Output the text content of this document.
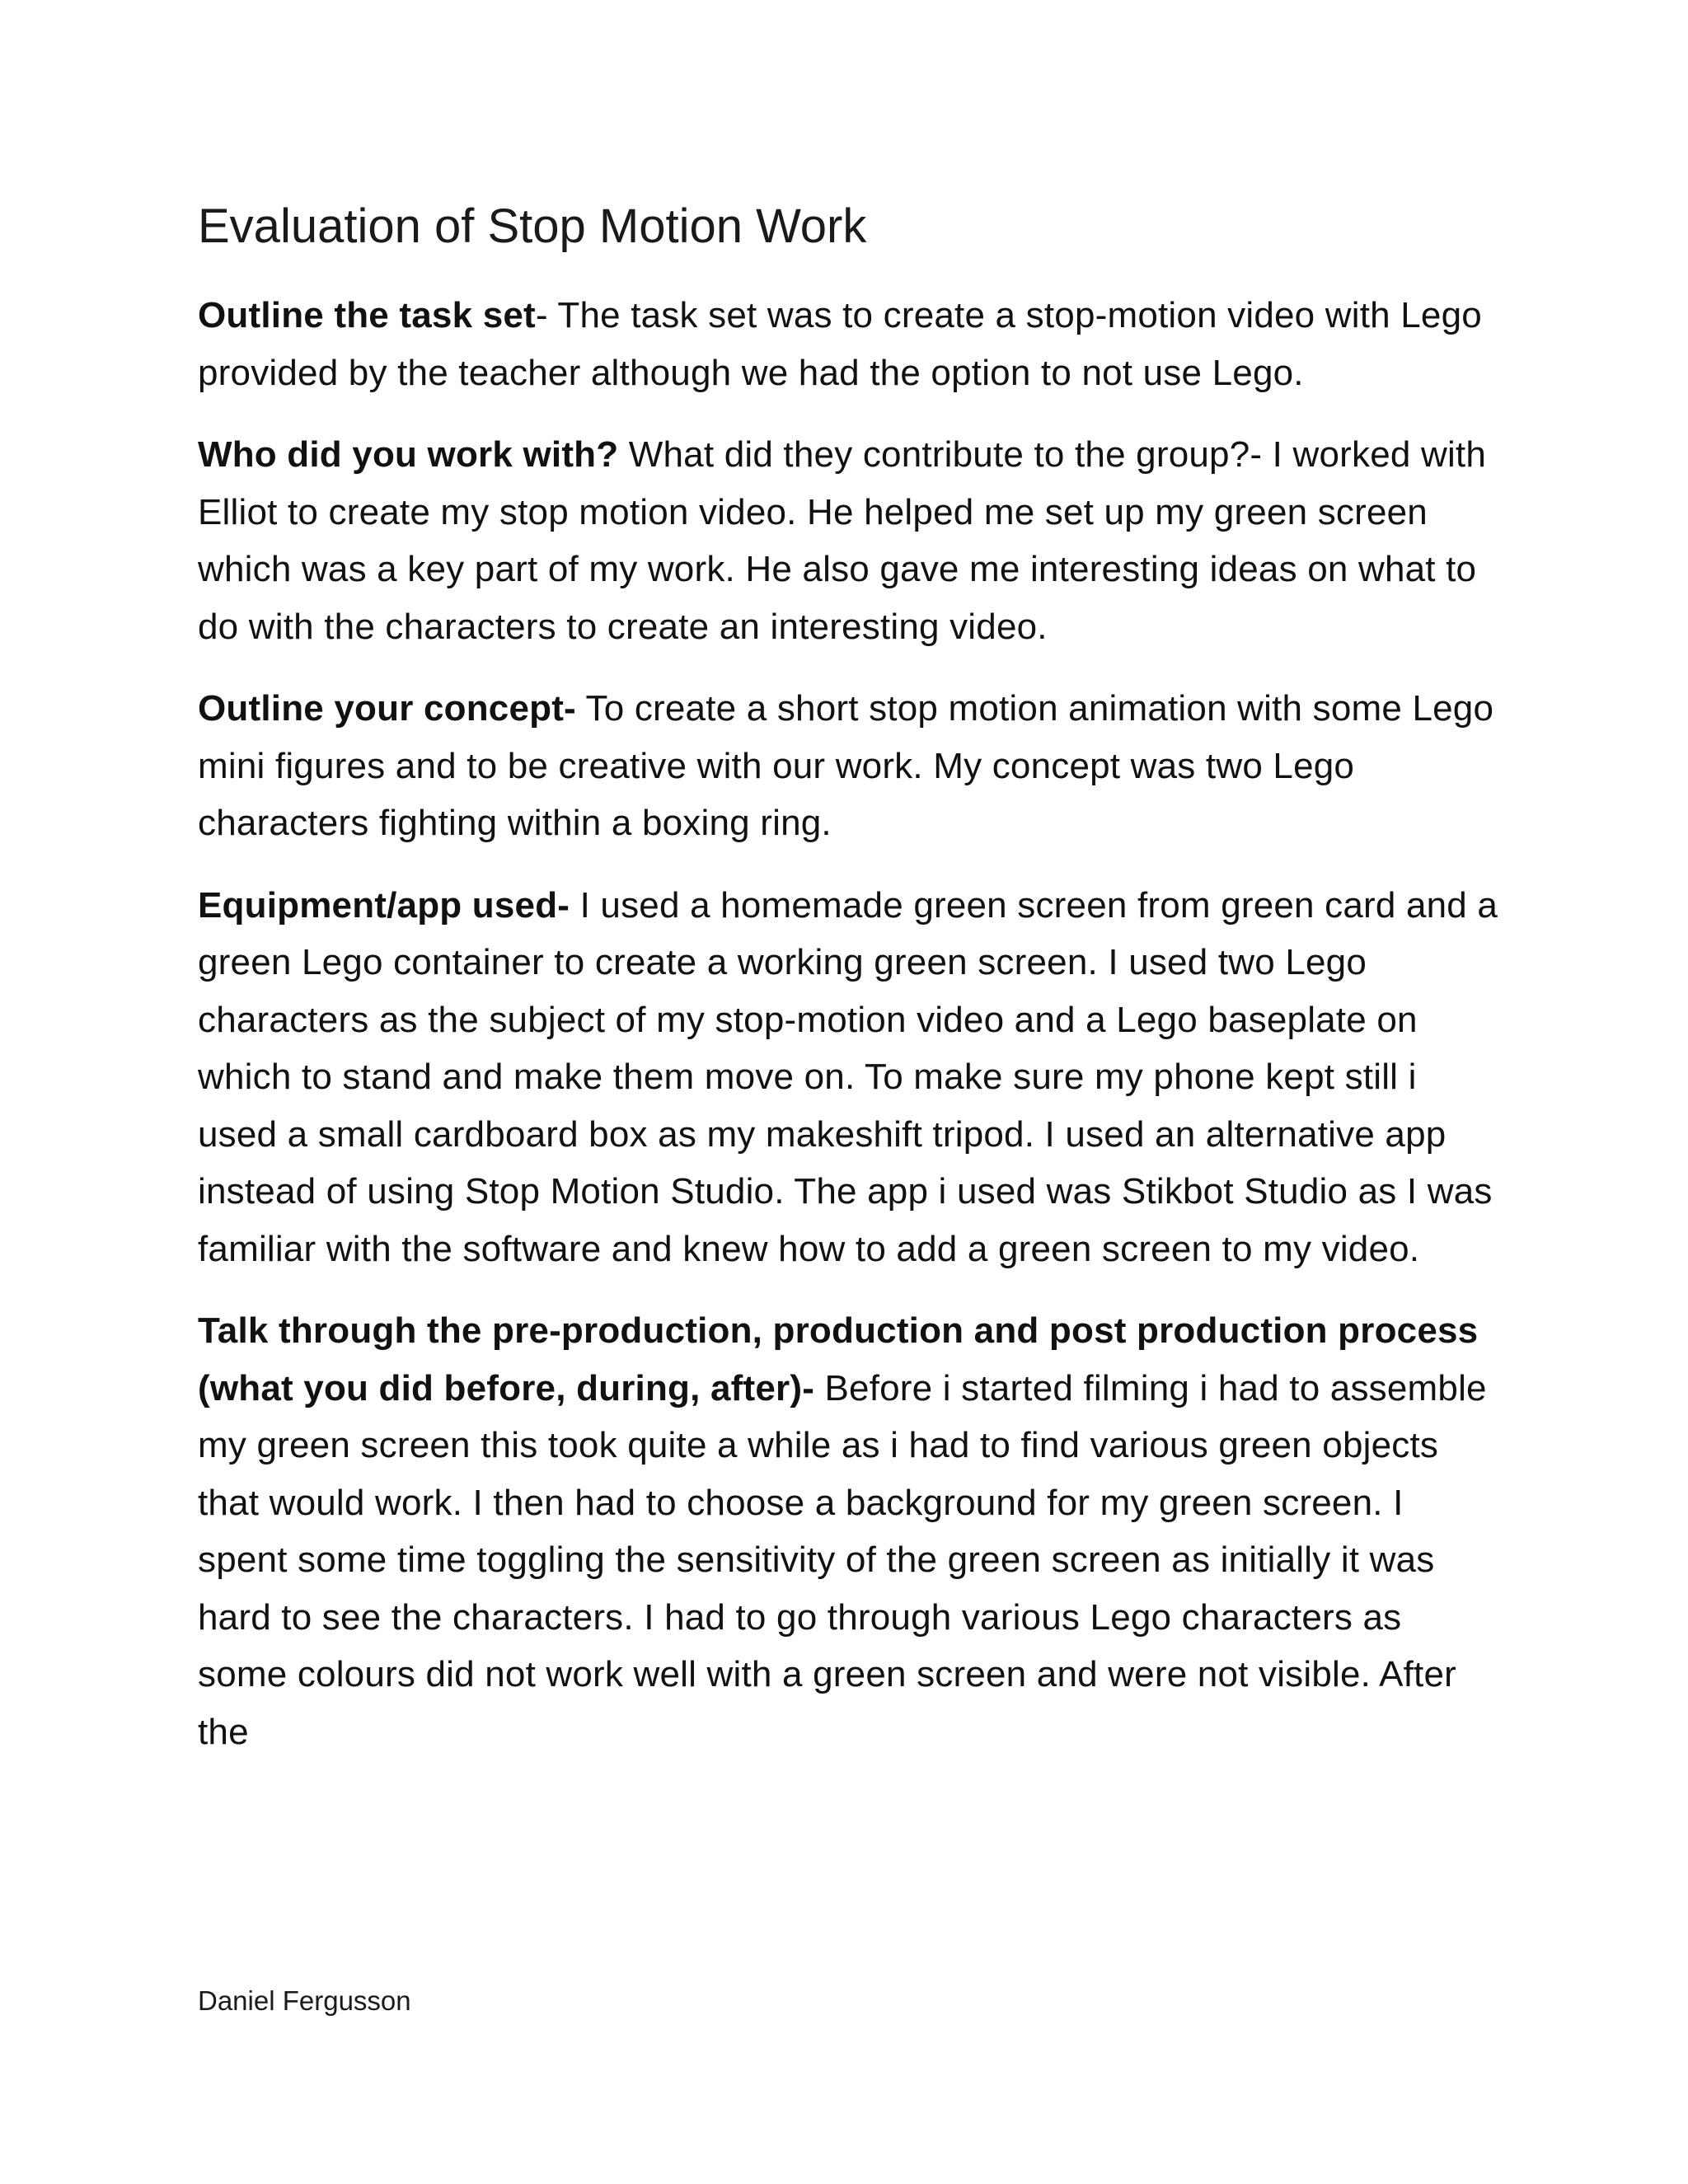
Evaluation of Stop Motion Work

Outline the task set- The task set was to create a stop-motion video with Lego provided by the teacher although we had the option to not use Lego.

Who did you work with? What did they contribute to the group?- I worked with Elliot to create my stop motion video. He helped me set up my green screen which was a key part of my work. He also gave me interesting ideas on what to do with the characters to create an interesting video.

Outline your concept- To create a short stop motion animation with some Lego mini figures and to be creative with our work. My concept was two Lego characters fighting within a boxing ring.

Equipment/app used- I used a homemade green screen from green card and a green Lego container to create a working green screen. I used two Lego characters as the subject of my stop-motion video and a Lego baseplate on which to stand and make them move on. To make sure my phone kept still i used a small cardboard box as my makeshift tripod. I used an alternative app instead of using Stop Motion Studio. The app i used was Stikbot Studio as I was familiar with the software and knew how to add a green screen to my video.

Talk through the pre-production, production and post production process (what you did before, during, after)- Before i started filming i had to assemble my green screen this took quite a while as i had to find various green objects that would work. I then had to choose a background for my green screen. I spent some time toggling the sensitivity of the green screen as initially it was hard to see the characters. I had to go through various Lego characters as some colours did not work well with a green screen and were not visible. After the

Daniel Fergusson
